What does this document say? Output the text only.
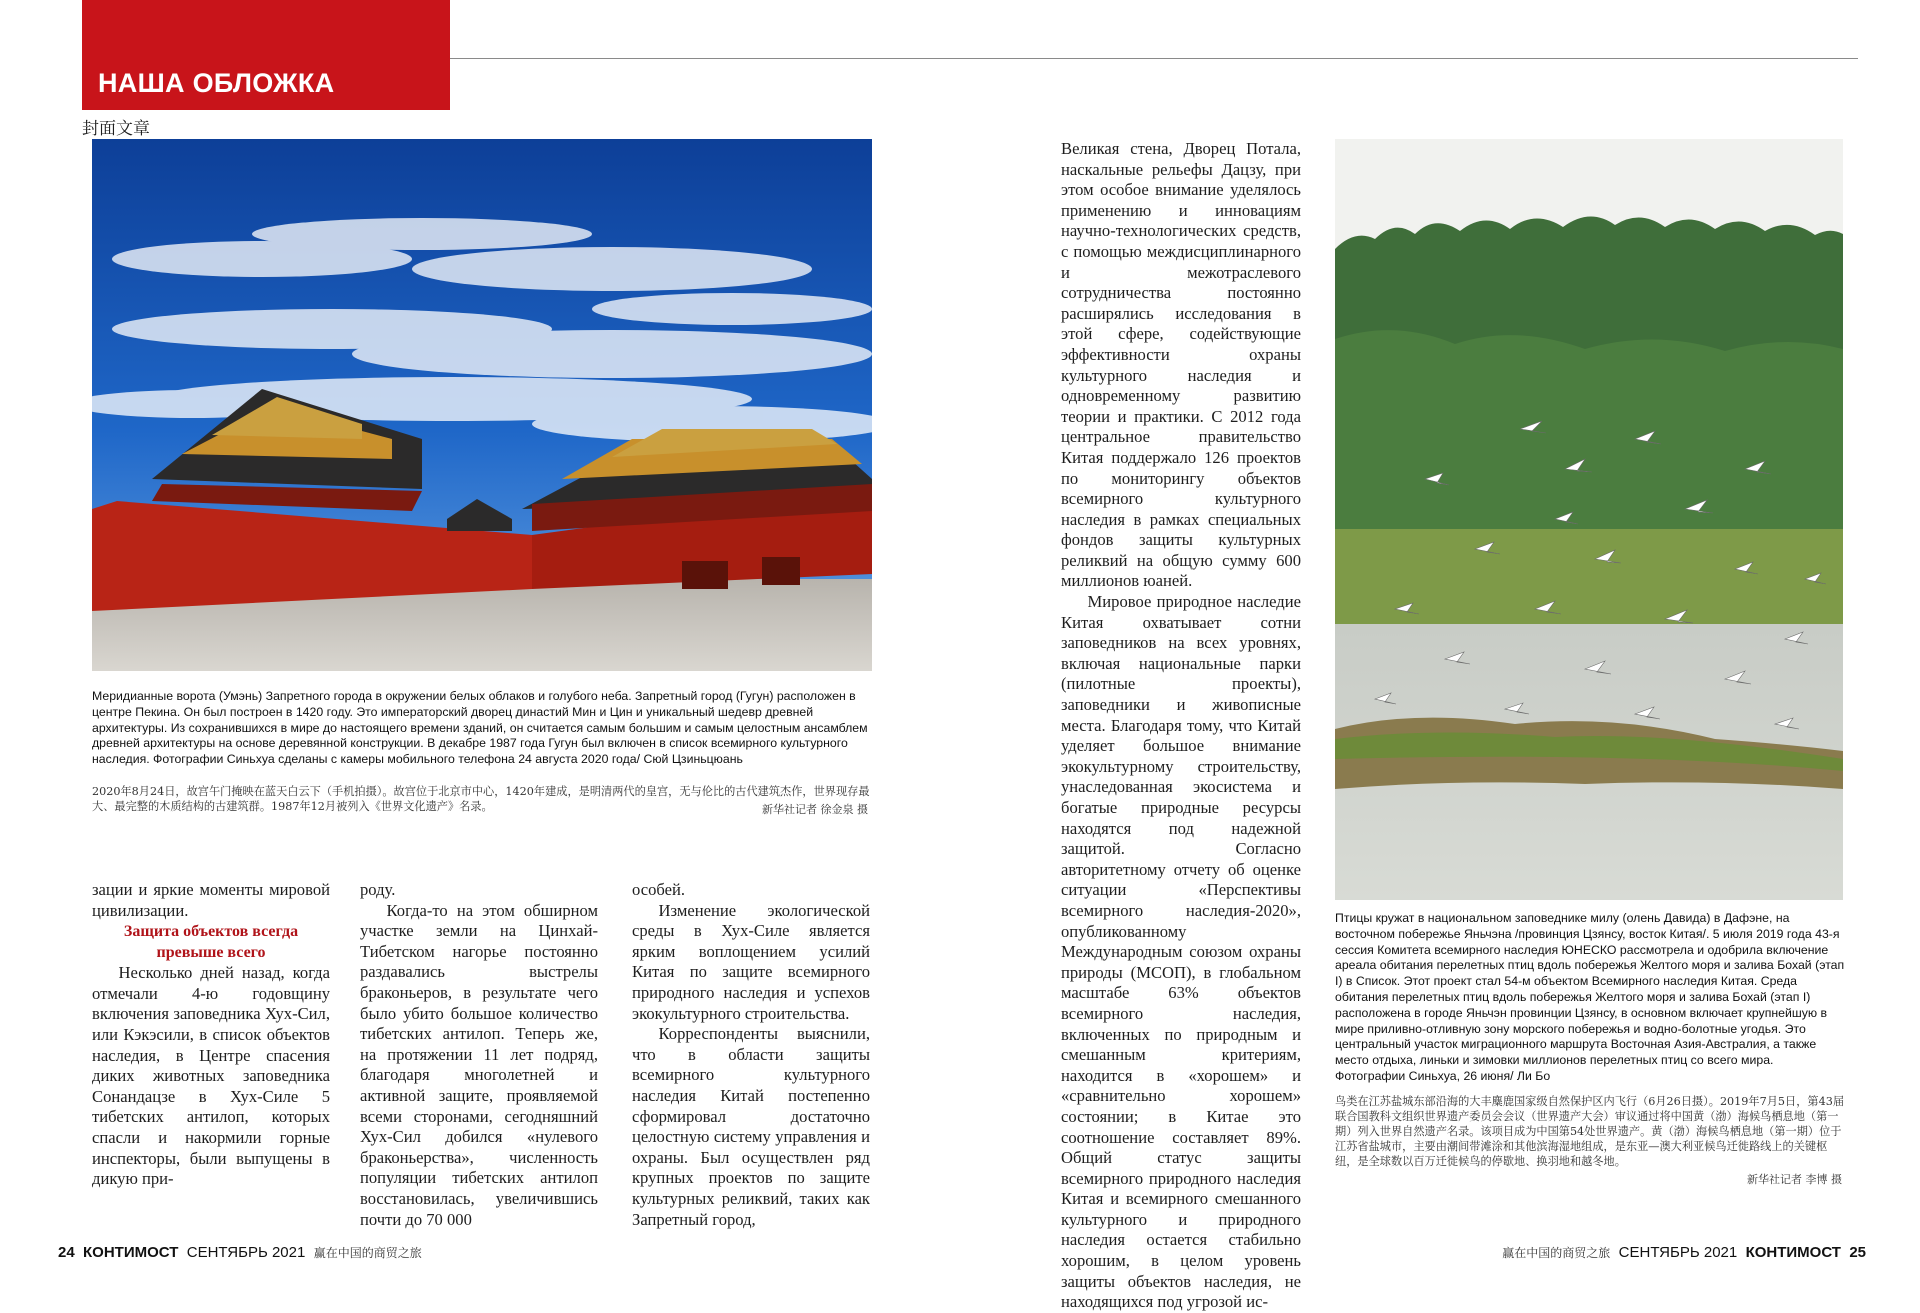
НАША ОБЛОЖКА
封面文章
Меридианные ворота (Умэнь) Запретного города в окружении белых облаков и голубого неба. Запретный город (Гугун) расположен в центре Пекина. Он был построен в 1420 году. Это императорский дворец династий Мин и Цин и уникальный шедевр древней архитектуры. Из сохранившихся в мире до настоящего времени зданий, он считается самым большим и самым целостным ансамблем древней архитектуры на основе деревянной конструкции. В декабре 1987 года Гугун был включен в список всемирного культурного наследия. Фотографии Синьхуа сделаны с камеры мобильного телефона 24 августа 2020 года/ Сюй Цзиньцюань
2020年8月24日，故宫午门掩映在蓝天白云下（手机拍摄）。故宫位于北京市中心，1420年建成，是明清两代的皇宫，无与伦比的古代建筑杰作，世界现存最大、最完整的木质结构的古建筑群。1987年12月被列入《世界文化遗产》名录。	新华社记者 徐金泉 摄
Птицы кружат в национальном заповеднике милу (олень Давида) в Дафэне, на восточном побережье Яньчэна /провинция Цзянсу, восток Китая/. 5 июля 2019 года 43-я сессия Комитета всемирного наследия ЮНЕСКО рассмотрела и одобрила включение ареала обитания перелетных птиц вдоль побережья Желтого моря и залива Бохай (этап I) в Список. Этот проект стал 54-м объектом Всемирного наследия Китая. Среда обитания перелетных птиц вдоль побережья Желтого моря и залива Бохай (этап I) расположена в городе Яньчэн провинции Цзянсу, в основном включает крупнейшую в мире приливно-отливную зону морского побережья и водно-болотные угодья. Это центральный участок миграционного маршрута Восточная Азия-Австралия, а также место отдыха, линьки и зимовки миллионов перелетных птиц со всего мира. Фотографии Синьхуа, 26 июня/ Ли Бо
鸟类在江苏盐城东部沿海的大丰麋鹿国家级自然保护区内飞行（6月26日摄）。2019年7月5日，第43届联合国教科文组织世界遗产委员会会议（世界遗产大会）审议通过将中国黄（渤）海候鸟栖息地（第一期）列入世界自然遗产名录。该项目成为中国第54处世界遗产。黄（渤）海候鸟栖息地（第一期）位于江苏省盐城市，主要由潮间带滩涂和其他滨海湿地组成，是东亚—澳大利亚候鸟迁徙路线上的关键枢纽，是全球数以百万迁徙候鸟的停歇地、换羽地和越冬地。
新华社记者 李博 摄

зации и яркие моменты мировой цивилизации.

Защита объектов всегда превыше всего

Несколько дней назад, когда отмечали 4-ю годовщину включения заповедника Хух-Сил, или Кэкэсили, в список объектов наследия, в Центре спасения диких животных заповедника Сонандацзе в Хух-Силе 5 тибетских антилоп, которых спасли и накормили горные инспекторы, были выпущены в дикую при-

роду.

Когда-то на этом обширном участке земли на Цинхай-Тибетском нагорье постоянно раздавались выстрелы браконьеров, в результате чего было убито большое количество тибетских антилоп. Теперь же, на протяжении 11 лет подряд, благодаря многолетней и активной защите, проявляемой всеми сторонами, сегодняшний Хух-Сил добился «нулевого браконьерства», численность популяции тибетских антилоп восстановилась, увеличившись почти до 70 000

особей.

Изменение экологической среды в Хух-Силе является ярким воплощением усилий Китая по защите всемирного природного наследия и успехов экокультурного строительства.

Корреспонденты выяснили, что в области защиты всемирного культурного наследия Китай постепенно сформировал достаточно целостную систему управления и охраны. Был осуществлен ряд крупных проектов по защите культурных реликвий, таких как Запретный город,

Великая стена, Дворец Потала, наскальные рельефы Дацзу, при этом особое внимание уделялось применению и инновациям научно-технологических средств, с помощью междисциплинарного и межотраслевого сотрудничества постоянно расширялись исследования в этой сфере, содействующие эффективности охраны культурного наследия и одновременному развитию теории и практики. С 2012 года центральное правительство Китая поддержало 126 проектов по мониторингу объектов всемирного культурного наследия в рамках специальных фондов защиты культурных реликвий на общую сумму 600 миллионов юаней.

Мировое природное наследие Китая охватывает сотни заповедников на всех уровнях, включая национальные парки (пилотные проекты), заповедники и живописные места. Благодаря тому, что Китай уделяет большое внимание экокультурному строительству, унаследованная экосистема и богатые природные ресурсы находятся под надежной защитой. Согласно авторитетному отчету об оценке ситуации «Перспективы всемирного наследия-2020», опубликованному Международным союзом охраны природы (МСОП), в глобальном масштабе 63% объектов всемирного наследия, включенных по природным и смешанным критериям, находится в «хорошем» и «сравнительно хорошем» состоянии; в Китае это соотношение составляет 89%. Общий статус защиты всемирного природного наследия Китая и всемирного смешанного культурного и природного наследия остается стабильно хорошим, в целом уровень защиты объектов наследия, не находящихся под угрозой ис-

24 КОНТИМОСТ СЕНТЯБРЬ 2021 赢在中国的商贸之旅	赢在中国的商贸之旅 СЕНТЯБРЬ 2021 КОНТИМОСТ 25
